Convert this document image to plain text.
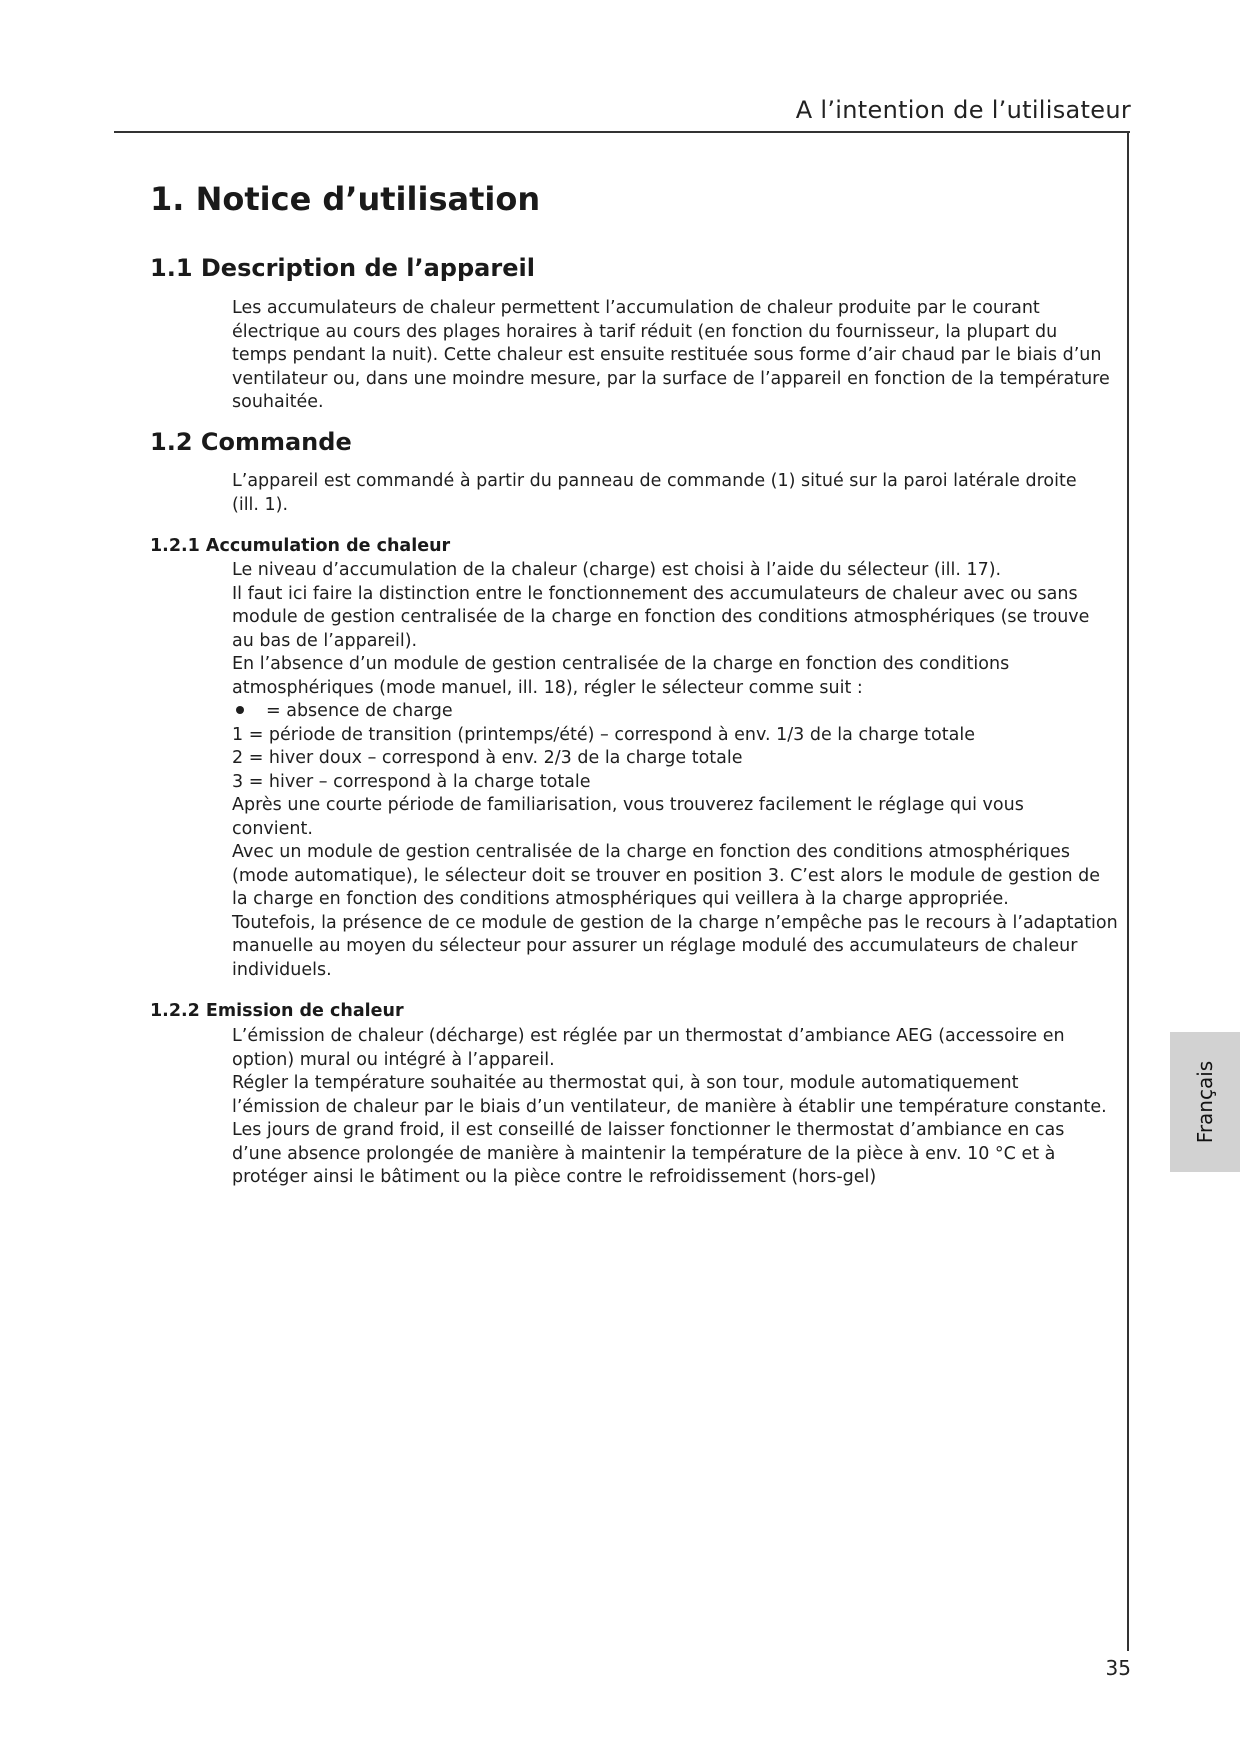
A l’intention de l’utilisateur
Français
1. Notice d’utilisation
1.1 Description de l’appareil
Les accumulateurs de chaleur permettent l’accumulation de chaleur produite par le courant
électrique au cours des plages horaires à tarif réduit (en fonction du fournisseur, la plupart du
temps pendant la nuit). Cette chaleur est ensuite restituée sous forme d’air chaud par le biais d’un
ventilateur ou, dans une moindre mesure, par la surface de l’appareil en fonction de la température
souhaitée.
1.2 Commande
L’appareil est commandé à partir du panneau de commande (1) situé sur la paroi latérale droite
(ill. 1).
1.2.1 Accumulation de chaleur
Le niveau d’accumulation de la chaleur (charge) est choisi à l’aide du sélecteur (ill. 17).
Il faut ici faire la distinction entre le fonctionnement des accumulateurs de chaleur avec ou sans
module de gestion centralisée de la charge en fonction des conditions atmosphériques (se trouve
au bas de l’appareil).
En l’absence d’un module de gestion centralisée de la charge en fonction des conditions
atmosphériques (mode manuel, ill. 18), régler le sélecteur comme suit :
= absence de charge
1 = période de transition (printemps/été) – correspond à env. 1/3 de la charge totale
2 = hiver doux – correspond à env. 2/3 de la charge totale
3 = hiver – correspond à la charge totale
Après une courte période de familiarisation, vous trouverez facilement le réglage qui vous
convient.
Avec un module de gestion centralisée de la charge en fonction des conditions atmosphériques
(mode automatique), le sélecteur doit se trouver en position 3. C’est alors le module de gestion de
la charge en fonction des conditions atmosphériques qui veillera à la charge appropriée.
Toutefois, la présence de ce module de gestion de la charge n’empêche pas le recours à l’adaptation
manuelle au moyen du sélecteur pour assurer un réglage modulé des accumulateurs de chaleur
individuels.
1.2.2 Emission de chaleur
L’émission de chaleur (décharge) est réglée par un thermostat d’ambiance AEG (accessoire en
option) mural ou intégré à l’appareil.
Régler la température souhaitée au thermostat qui, à son tour, module automatiquement
l’émission de chaleur par le biais d’un ventilateur, de manière à établir une température constante.
Les jours de grand froid, il est conseillé de laisser fonctionner le thermostat d’ambiance en cas
d’une absence prolongée de manière à maintenir la température de la pièce à env. 10 °C et à
protéger ainsi le bâtiment ou la pièce contre le refroidissement (hors-gel)
35
